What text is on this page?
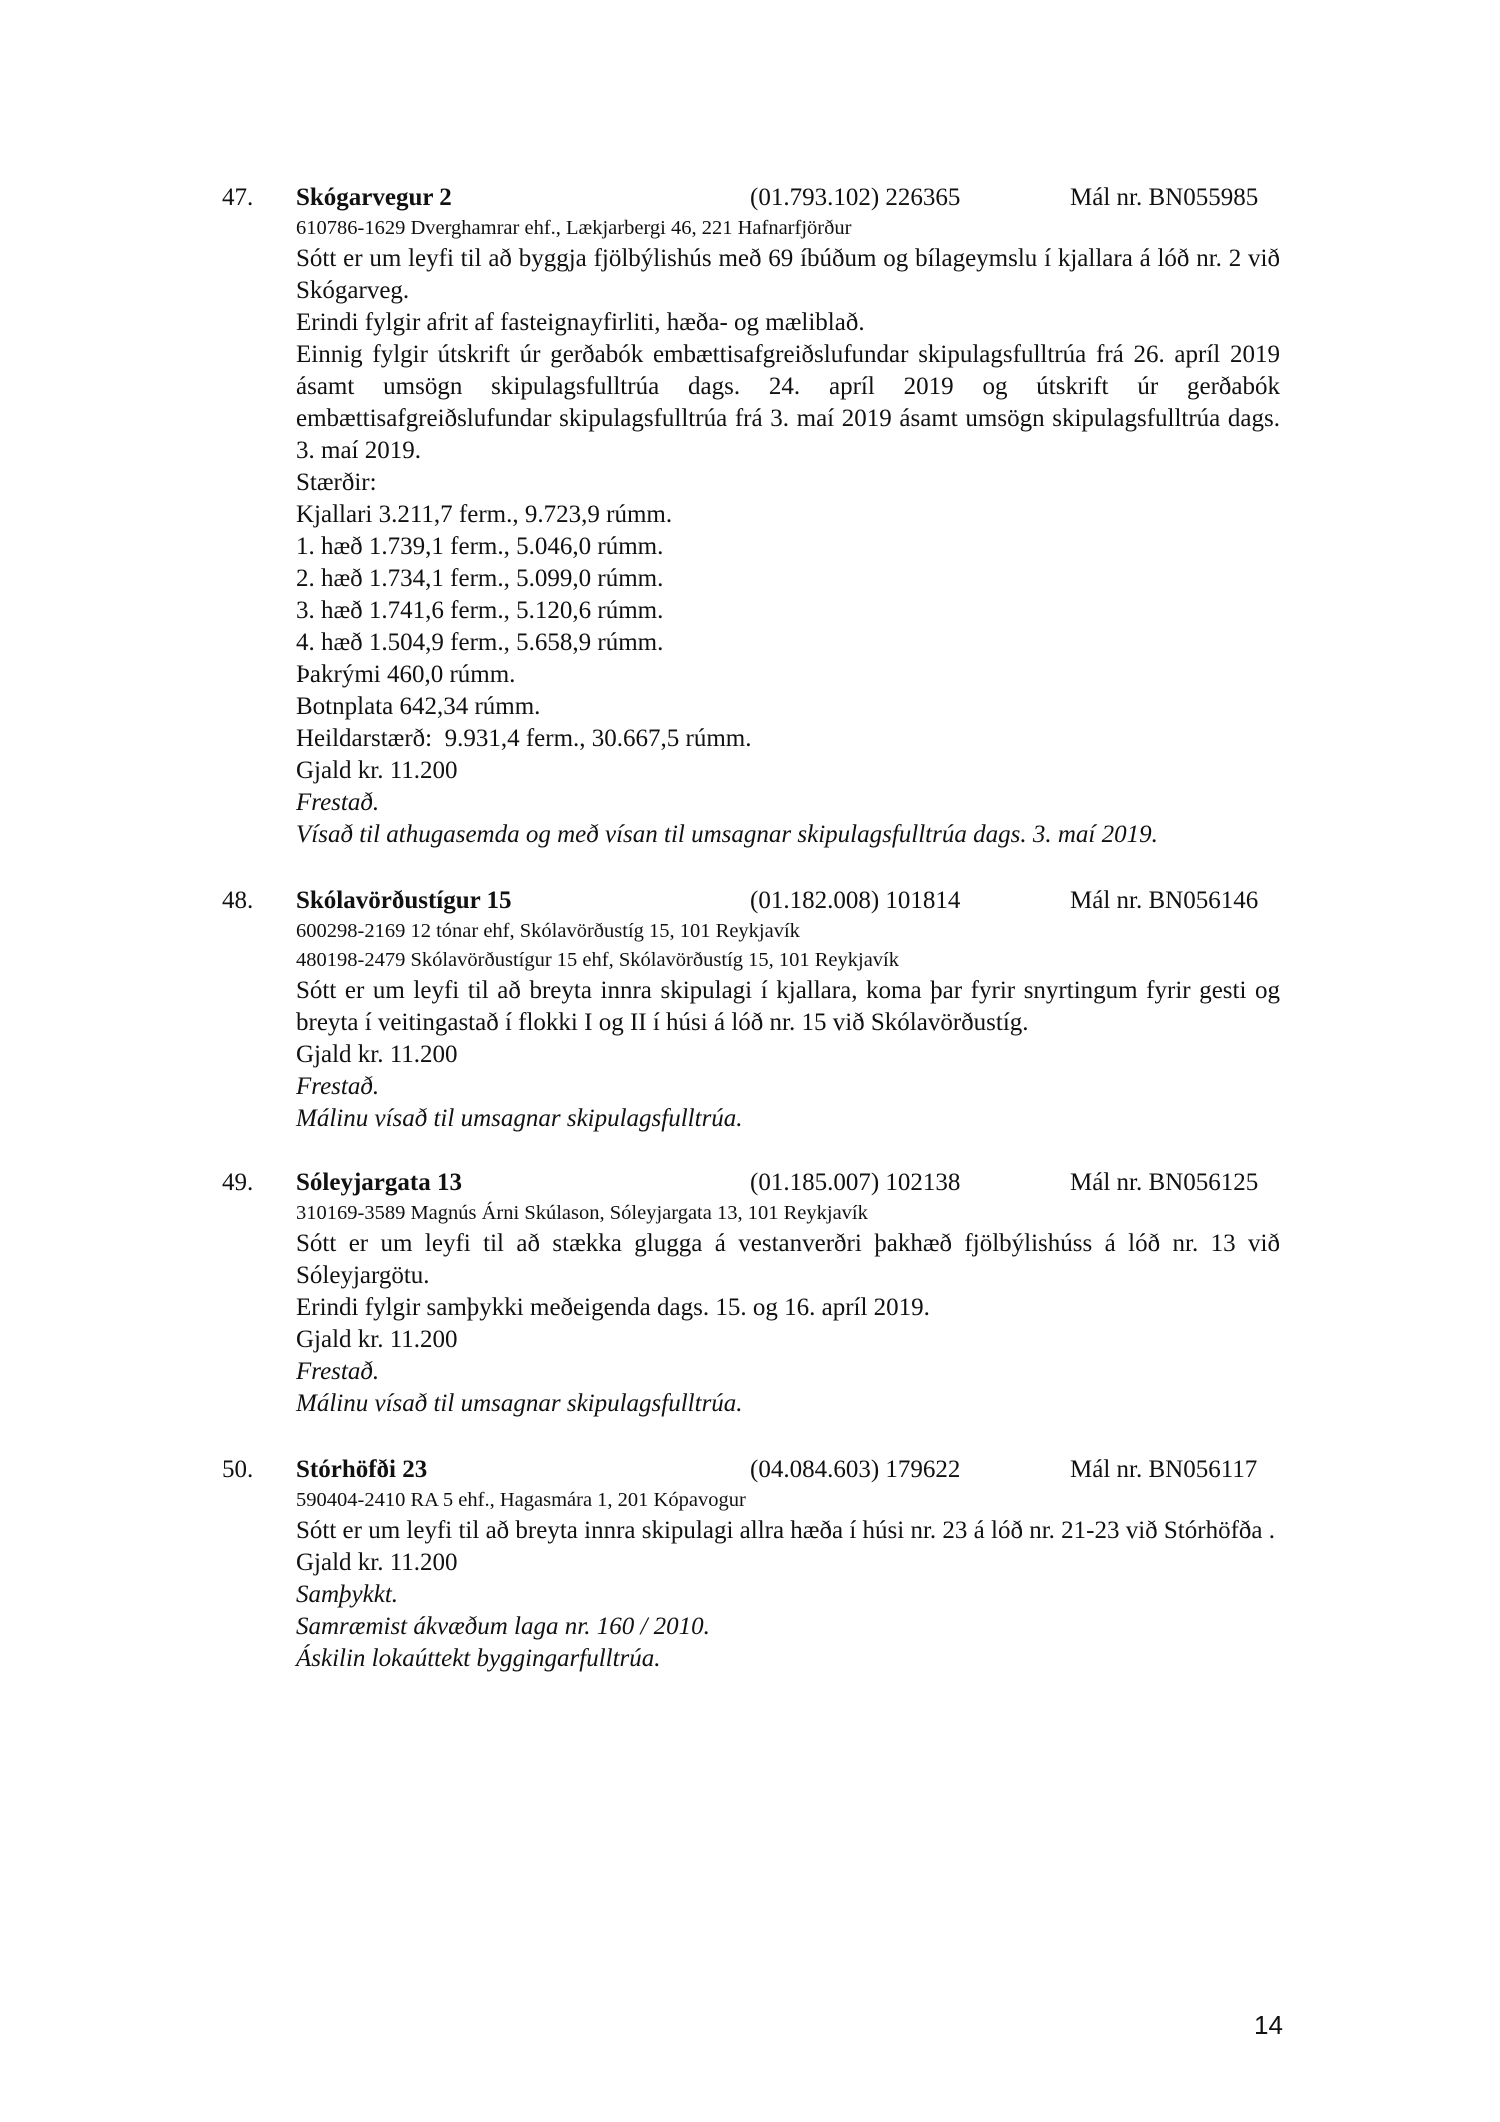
47. Skógarvegur 2	(01.793.102) 226365	Mál nr. BN055985
610786-1629 Dverghamrar ehf., Lækjarbergi 46, 221 Hafnarfjörður
Sótt er um leyfi til að byggja fjölbýlishús með 69 íbúðum og bílageymslu í kjallara á lóð nr. 2 við Skógarveg.
Erindi fylgir afrit af fasteignayfirliti, hæða- og mæliblað.
Einnig fylgir útskrift úr gerðabók embættisafgreiðslufundar skipulagsfulltrúa frá 26. apríl 2019 ásamt umsögn skipulagsfulltrúa dags. 24. apríl 2019 og útskrift úr gerðabók embættisafgreiðslufundar skipulagsfulltrúa frá 3. maí 2019 ásamt umsögn skipulagsfulltrúa dags. 3. maí 2019.
Stærðir:
Kjallari 3.211,7 ferm., 9.723,9 rúmm.
1. hæð 1.739,1 ferm., 5.046,0 rúmm.
2. hæð 1.734,1 ferm., 5.099,0 rúmm.
3. hæð 1.741,6 ferm., 5.120,6 rúmm.
4. hæð 1.504,9 ferm., 5.658,9 rúmm.
Þakrými 460,0 rúmm.
Botnplata 642,34 rúmm.
Heildarstærð:  9.931,4 ferm., 30.667,5 rúmm.
Gjald kr. 11.200
Frestað.
Vísað til athugasemda og með vísan til umsagnar skipulagsfulltrúa dags. 3. maí 2019.
48. Skólavörðustígur 15	(01.182.008) 101814	Mál nr. BN056146
600298-2169 12 tónar ehf, Skólavörðustíg 15, 101 Reykjavík
480198-2479 Skólavörðustígur 15 ehf, Skólavörðustíg 15, 101 Reykjavík
Sótt er um leyfi til að breyta innra skipulagi í kjallara, koma þar fyrir snyrtingum fyrir gesti og breyta í veitingastað í flokki I og II í húsi á lóð nr. 15 við Skólavörðustíg.
Gjald kr. 11.200
Frestað.
Málinu vísað til umsagnar skipulagsfulltrúa.
49. Sóleyjargata 13	(01.185.007) 102138	Mál nr. BN056125
310169-3589 Magnús Árni Skúlason, Sóleyjargata 13, 101 Reykjavík
Sótt er um leyfi til að stækka glugga á vestanverðri þakhæð fjölbýlishúss á lóð nr. 13 við Sóleyjargötu.
Erindi fylgir samþykki meðeigenda dags. 15. og 16. apríl 2019.
Gjald kr. 11.200
Frestað.
Málinu vísað til umsagnar skipulagsfulltrúa.
50. Stórhöfði 23	(04.084.603) 179622	Mál nr. BN056117
590404-2410 RA 5 ehf., Hagasmára 1, 201 Kópavogur
Sótt er um leyfi til að breyta innra skipulagi allra hæða í húsi nr. 23 á lóð nr. 21-23 við Stórhöfða .
Gjald kr. 11.200
Samþykkt.
Samræmist ákvæðum laga nr. 160 / 2010.
Áskilin lokaúttekt byggingarfulltrúa.
14
